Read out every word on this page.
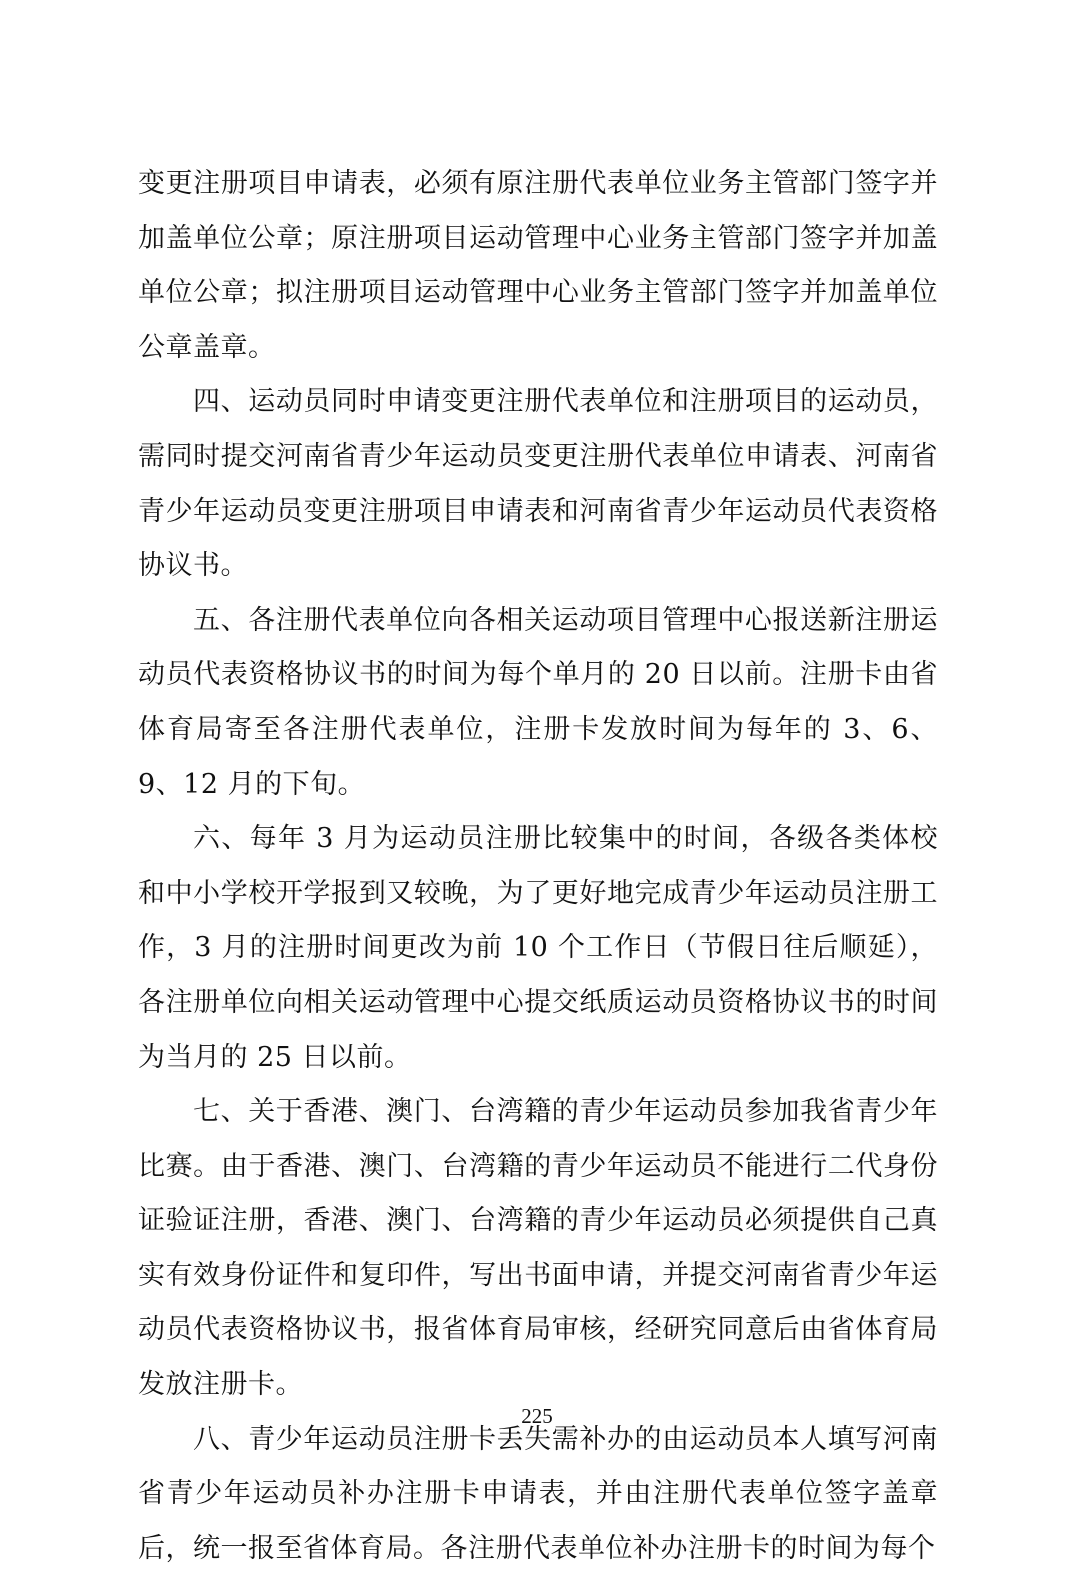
变更注册项目申请表，必须有原注册代表单位业务主管部门签字并加盖单位公章；原注册项目运动管理中心业务主管部门签字并加盖单位公章；拟注册项目运动管理中心业务主管部门签字并加盖单位公章盖章。

四、运动员同时申请变更注册代表单位和注册项目的运动员，需同时提交河南省青少年运动员变更注册代表单位申请表、河南省青少年运动员变更注册项目申请表和河南省青少年运动员代表资格协议书。

五、各注册代表单位向各相关运动项目管理中心报送新注册运动员代表资格协议书的时间为每个单月的 20 日以前。注册卡由省体育局寄至各注册代表单位，注册卡发放时间为每年的 3、6、9、12 月的下旬。

六、每年 3 月为运动员注册比较集中的时间，各级各类体校和中小学校开学报到又较晚，为了更好地完成青少年运动员注册工作，3 月的注册时间更改为前 10 个工作日（节假日往后顺延），各注册单位向相关运动管理中心提交纸质运动员资格协议书的时间为当月的 25 日以前。

七、关于香港、澳门、台湾籍的青少年运动员参加我省青少年比赛。由于香港、澳门、台湾籍的青少年运动员不能进行二代身份证验证注册，香港、澳门、台湾籍的青少年运动员必须提供自己真实有效身份证件和复印件，写出书面申请，并提交河南省青少年运动员代表资格协议书，报省体育局审核，经研究同意后由省体育局发放注册卡。

八、青少年运动员注册卡丢失需补办的由运动员本人填写河南省青少年运动员补办注册卡申请表，并由注册代表单位签字盖章后，统一报至省体育局。各注册代表单位补办注册卡的时间为每个

225
